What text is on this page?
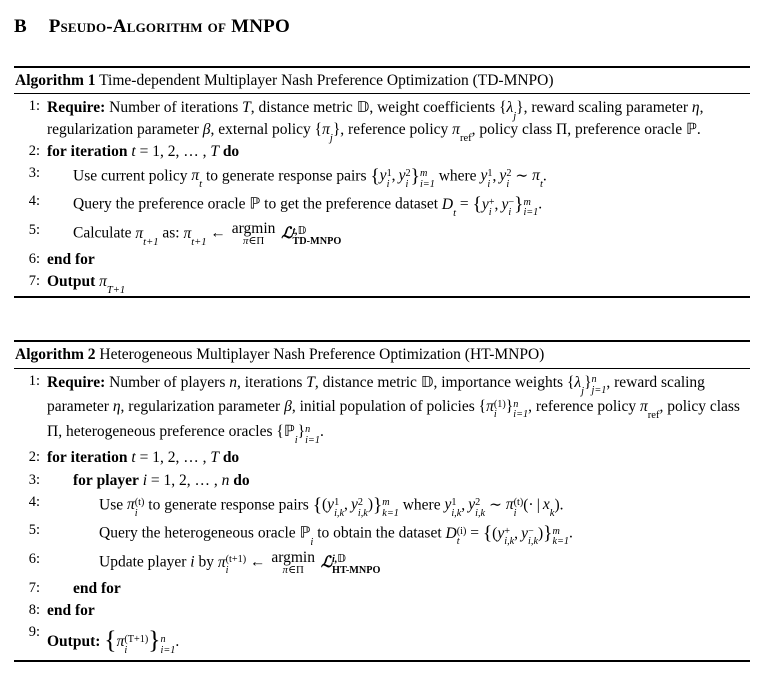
B Pseudo-Algorithm of MNPO
Algorithm 1 Time-dependent Multiplayer Nash Preference Optimization (TD-MNPO)
1: Require: Number of iterations T, distance metric 𝔻, weight coefficients $\{\lambda_j\}$, reward scaling parameter η, regularization parameter β, external policy $\{\pi_j\}$, reference policy $\pi_{ref}$, policy class Π, preference oracle ℙ.
2: for iteration t = 1, 2, … , T do
3:	Use current policy $\pi_t$ to generate response pairs {y 1
i , y 2
i } m
i=1 where y 1
i , y 2
i ∼ $\pi_t$.
4:	Query the preference oracle ℙ to get the preference dataset $D_t = \{y$ +
i , y −
i } m
i=1 .
5:	Calculate $\pi_{t+1}$ as: $\pi_{t+1}$ ← argmin
π∈Π	ℒ t,𝔻
TD-MNPO
6: end for
7: Output $\pi_{T+1}$
Algorithm 2 Heterogeneous Multiplayer Nash Preference Optimization (HT-MNPO)
1: Require: Number of players n, iterations T, distance metric 𝔻, importance weights $\{\lambda_j\}$ n
j=1 , reward scaling parameter η, regularization parameter β, initial population of policies {π (1)
i } n
i=1 , reference policy $\pi_{ref}$, policy class Π, heterogeneous preference oracles {ℙ$_i$} n
i=1 .
2: for iteration t = 1, 2, … , T do
3:	for player i = 1, 2, … , n do
4:	Use π (t)
i to generate response pairs {(y 1
i,k , y 2
i,k )} m
k=1 where y 1
i,k , y 2
i,k ∼ π (t)
i (· | $x_k$).
5:	Query the heterogeneous oracle ℙ$_i$ to obtain the dataset D (i)
t = {(y +
i,k , y −
i,k )} m
k=1 .
6:	Update player i by π (t+1)
i	← argmin
π∈Π	ℒ i,𝔻
HT-MNPO
7:	end for
8: end for
9:
Output: {π (T+1)
i } n
i=1 .
